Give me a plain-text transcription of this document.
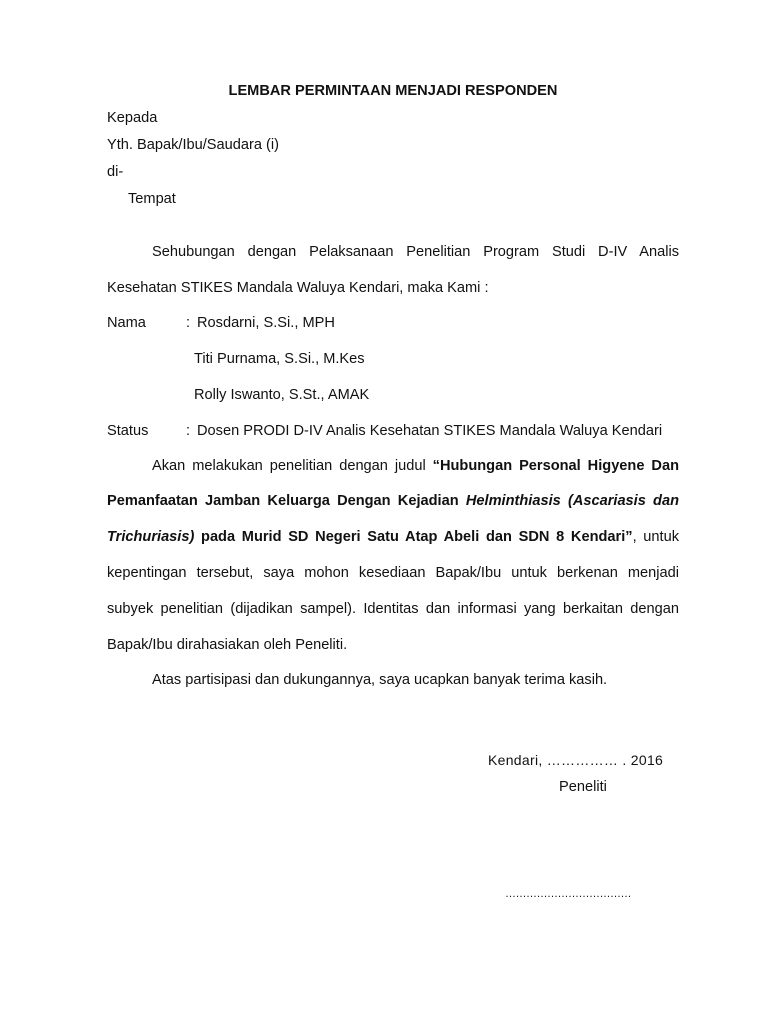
LEMBAR PERMINTAAN MENJADI RESPONDEN
Kepada
Yth. Bapak/Ibu/Saudara (i)
di-
Tempat
Sehubungan dengan Pelaksanaan Penelitian Program Studi D-IV Analis
Kesehatan STIKES Mandala Waluya Kendari, maka Kami :
Nama	: Rosdarni, S.Si., MPH
Titi Purnama, S.Si., M.Kes
Rolly Iswanto, S.St., AMAK
Status	: Dosen PRODI D-IV Analis Kesehatan STIKES Mandala Waluya Kendari
Akan melakukan penelitian dengan judul “Hubungan Personal Higyene Dan
Pemanfaatan Jamban Keluarga Dengan Kejadian Helminthiasis (Ascariasis dan
Trichuriasis) pada Murid SD Negeri Satu Atap Abeli dan SDN 8 Kendari”, untuk
kepentingan tersebut, saya mohon kesediaan Bapak/Ibu untuk berkenan menjadi
subyek penelitian (dijadikan sampel). Identitas dan informasi yang berkaitan dengan
Bapak/Ibu dirahasiakan oleh Peneliti.
Atas partisipasi dan dukungannya, saya ucapkan banyak terima kasih.
Kendari, …………… . 2016
Peneliti
………………………………
